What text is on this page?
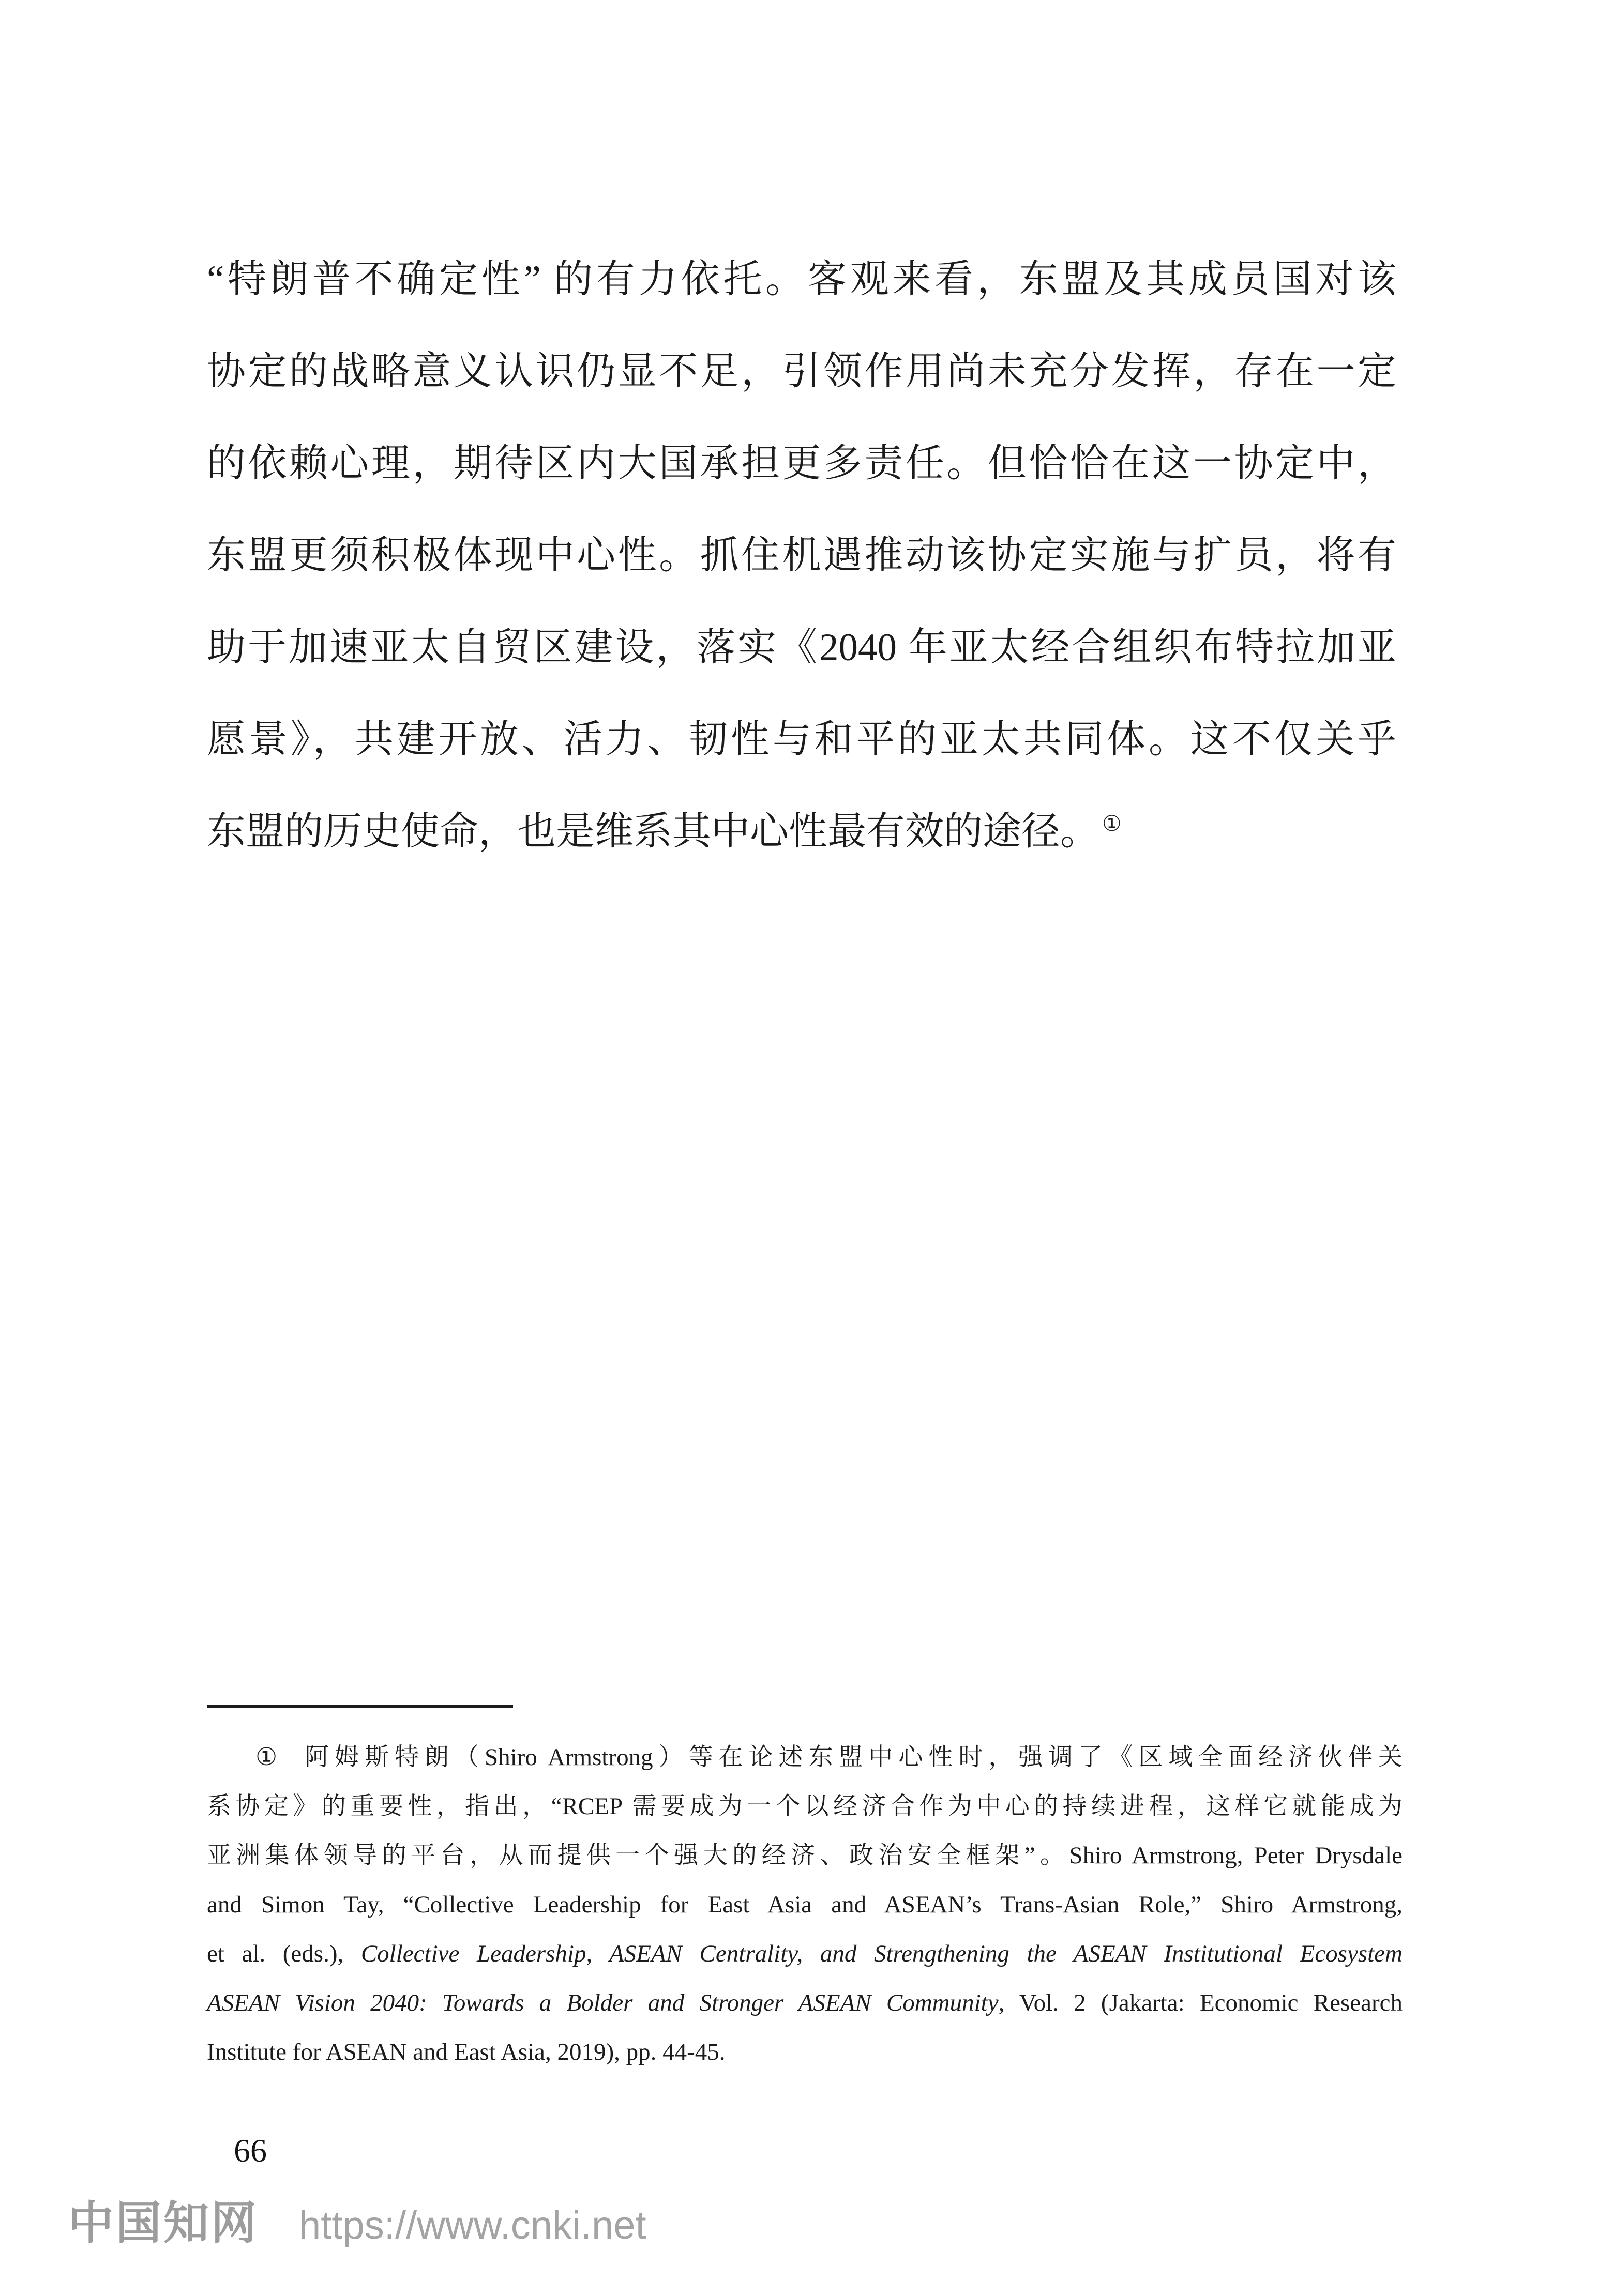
“特朗普不确定性” 的有力依托。客观来看，东盟及其成员国对该

协定的战略意义认识仍显不足，引领作用尚未充分发挥，存在一定

的依赖心理，期待区内大国承担更多责任。但恰恰在这一协定中，

东盟更须积极体现中心性。抓住机遇推动该协定实施与扩员，将有

助于加速亚太自贸区建设，落实《2040 年亚太经合组织布特拉加亚

愿景》，共建开放、活力、韧性与和平的亚太共同体。这不仅关乎

东盟的历史使命，也是维系其中心性最有效的途径。 ①

① 阿姆斯特朗（Shiro Armstrong）等在论述东盟中心性时，强调了《区域全面经济伙伴关

系协定》的重要性，指出，“RCEP 需要成为一个以经济合作为中心的持续进程，这样它就能成为

亚洲集体领导的平台，从而提供一个强大的经济、政治安全框架”。Shiro Armstrong, Peter Drysdale

and Simon Tay, “Collective Leadership for East Asia and ASEAN’s Trans-Asian Role,” Shiro Armstrong,

et al. (eds.), Collective Leadership, ASEAN Centrality, and Strengthening the ASEAN Institutional Ecosystem

ASEAN Vision 2040: Towards a Bolder and Stronger ASEAN Community, Vol. 2 (Jakarta: Economic Research

Institute for ASEAN and East Asia, 2019), pp. 44-45.

66
中国知网 https://www.cnki.net
